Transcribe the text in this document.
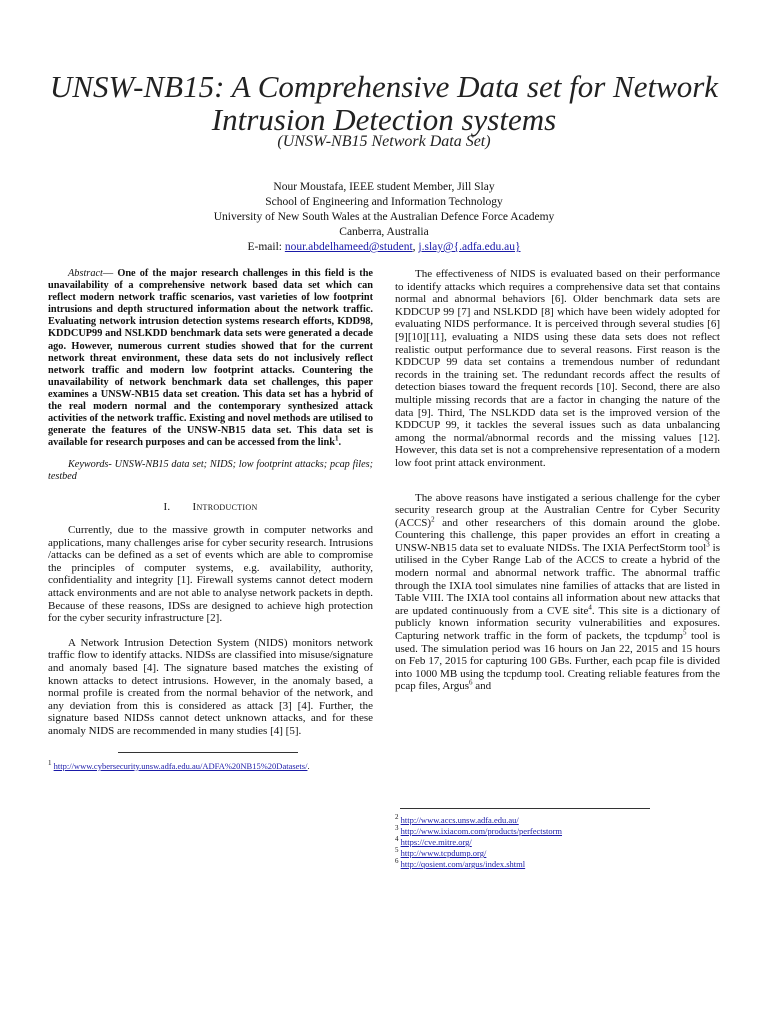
UNSW-NB15: A Comprehensive Data set for Network Intrusion Detection systems
(UNSW-NB15 Network Data Set)
Nour Moustafa, IEEE student Member, Jill Slay
School of Engineering and Information Technology
University of New South Wales at the Australian Defence Force Academy
Canberra, Australia
E-mail: nour.abdelhameed@student, j.slay@{.adfa.edu.au}

Abstract— One of the major research challenges in this field is the unavailability of a comprehensive network based data set which can reflect modern network traffic scenarios, vast varieties of low footprint intrusions and depth structured information about the network traffic. Evaluating network intrusion detection systems research efforts, KDD98, KDDCUP99 and NSLKDD benchmark data sets were generated a decade ago. However, numerous current studies showed that for the current network threat environment, these data sets do not inclusively reflect network traffic and modern low footprint attacks. Countering the unavailability of network benchmark data set challenges, this paper examines a UNSW-NB15 data set creation. This data set has a hybrid of the real modern normal and the contemporary synthesized attack activities of the network traffic. Existing and novel methods are utilised to generate the features of the UNSW-NB15 data set. This data set is available for research purposes and can be accessed from the link$^1$.

Keywords- UNSW-NB15 data set; NIDS; low footprint attacks; pcap files; testbed

I. Introduction

Currently, due to the massive growth in computer networks and applications, many challenges arise for cyber security research. Intrusions /attacks can be defined as a set of events which are able to compromise the principles of computer systems, e.g. availability, authority, confidentiality and integrity [1]. Firewall systems cannot detect modern attack environments and are not able to analyse network packets in depth. Because of these reasons, IDSs are designed to achieve high protection for the cyber security infrastructure [2].

A Network Intrusion Detection System (NIDS) monitors network traffic flow to identify attacks. NIDSs are classified into misuse/signature and anomaly based [4]. The signature based matches the existing of known attacks to detect intrusions. However, in the anomaly based, a normal profile is created from the normal behavior of the network, and any deviation from this is considered as attack [3] [4]. Further, the signature based NIDSs cannot detect unknown attacks, and for these anomaly NIDS are recommended in many studies [4] [5].

$^1$ http://www.cybersecurity.unsw.adfa.edu.au/ADFA%20NB15%20Datasets/.

The effectiveness of NIDS is evaluated based on their performance to identify attacks which requires a comprehensive data set that contains normal and abnormal behaviors [6]. Older benchmark data sets are KDDCUP 99 [7] and NSLKDD [8] which have been widely adopted for evaluating NIDS performance. It is perceived through several studies [6][9][10][11], evaluating a NIDS using these data sets does not reflect realistic output performance due to several reasons. First reason is the KDDCUP 99 data set contains a tremendous number of redundant records in the training set. The redundant records affect the results of detection biases toward the frequent records [10]. Second, there are also multiple missing records that are a factor in changing the nature of the data [9]. Third, The NSLKDD data set is the improved version of the KDDCUP 99, it tackles the several issues such as data unbalancing among the normal/abnormal records and the missing values [12]. However, this data set is not a comprehensive representation of a modern low foot print attack environment.

The above reasons have instigated a serious challenge for the cyber security research group at the Australian Centre for Cyber Security (ACCS)$^2$ and other researchers of this domain around the globe. Countering this challenge, this paper provides an effort in creating a UNSW-NB15 data set to evaluate NIDSs. The IXIA PerfectStorm tool$^3$ is utilised in the Cyber Range Lab of the ACCS to create a hybrid of the modern normal and abnormal network traffic. The abnormal traffic through the IXIA tool simulates nine families of attacks that are listed in Table VIII. The IXIA tool contains all information about new attacks that are updated continuously from a CVE site$^4$. This site is a dictionary of publicly known information security vulnerabilities and exposures. Capturing network traffic in the form of packets, the tcpdump$^5$ tool is used. The simulation period was 16 hours on Jan 22, 2015 and 15 hours on Feb 17, 2015 for capturing 100 GBs. Further, each pcap file is divided into 1000 MB using the tcpdump tool. Creating reliable features from the pcap files, Argus$^6$ and

$^2$ http://www.accs.unsw.adfa.edu.au/
$^3$ http://www.ixiacom.com/products/perfectstorm
$^4$ https://cve.mitre.org/
$^5$ http://www.tcpdump.org/
$^6$ http://qosient.com/argus/index.shtml
